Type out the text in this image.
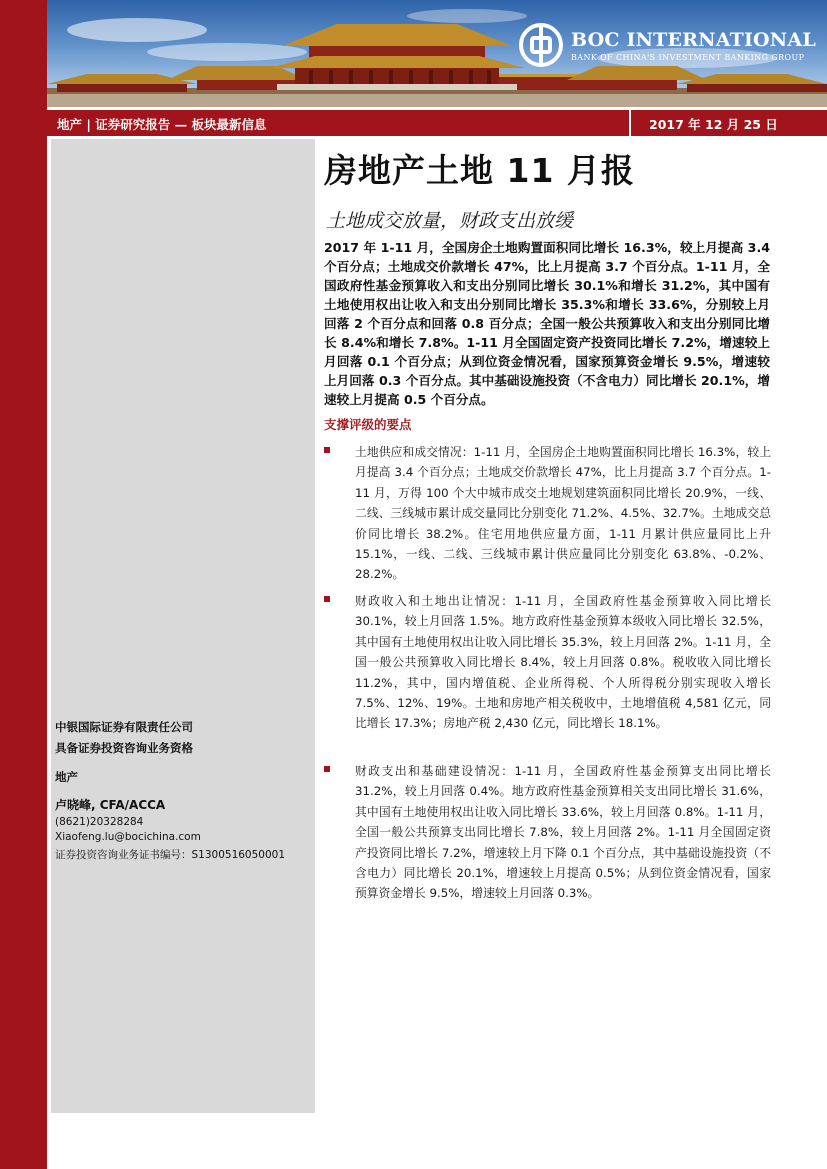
BOC INTERNATIONAL
BANK OF CHINA'S INVESTMENT BANKING GROUP
地产 | 证券研究报告 — 板块最新信息	2017 年 12 月 25 日
中银国际证券有限责任公司
具备证券投资咨询业务资格
地产
卢晓峰, CFA/ACCA
(8621)20328284
Xiaofeng.lu@bocichina.com
证券投资咨询业务证书编号：S1300516050001
房地产土地 11 月报
土地成交放量，财政支出放缓
2017 年 1-11 月，全国房企土地购置面积同比增长 16.3%，较上月提高 3.4 个百分点；土地成交价款增长 47%，比上月提高 3.7 个百分点。1-11 月，全国政府性基金预算收入和支出分别同比增长 30.1%和增长 31.2%，其中国有土地使用权出让收入和支出分别同比增长 35.3%和增长 33.6%，分别较上月回落 2 个百分点和回落 0.8 百分点；全国一般公共预算收入和支出分别同比增长 8.4%和增长 7.8%。1-11 月全国固定资产投资同比增长 7.2%，增速较上月回落 0.1 个百分点；从到位资金情况看，国家预算资金增长 9.5%，增速较上月回落 0.3 个百分点。其中基础设施投资（不含电力）同比增长 20.1%，增速较上月提高 0.5 个百分点。
支撑评级的要点
土地供应和成交情况：1-11 月，全国房企土地购置面积同比增长 16.3%，较上月提高 3.4 个百分点；土地成交价款增长 47%，比上月提高 3.7 个百分点。1-11 月，万得 100 个大中城市成交土地规划建筑面积同比增长 20.9%，一线、二线、三线城市累计成交量同比分别变化 71.2%、4.5%、32.7%。土地成交总价同比增长 38.2%。住宅用地供应量方面，1-11 月累计供应量同比上升 15.1%，一线、二线、三线城市累计供应量同比分别变化 63.8%、-0.2%、28.2%。
财政收入和土地出让情况：1-11 月，全国政府性基金预算收入同比增长 30.1%，较上月回落 1.5%。地方政府性基金预算本级收入同比增长 32.5%，其中国有土地使用权出让收入同比增长 35.3%，较上月回落 2%。1-11 月，全国一般公共预算收入同比增长 8.4%，较上月回落 0.8%。税收收入同比增长 11.2%，其中，国内增值税、企业所得税、个人所得税分别实现收入增长 7.5%、12%、19%。土地和房地产相关税收中，土地增值税 4,581 亿元，同比增长 17.3%；房地产税 2,430 亿元，同比增长 18.1%。
财政支出和基础建设情况：1-11 月，全国政府性基金预算支出同比增长 31.2%，较上月回落 0.4%。地方政府性基金预算相关支出同比增长 31.6%，其中国有土地使用权出让收入同比增长 33.6%，较上月回落 0.8%。1-11 月，全国一般公共预算支出同比增长 7.8%，较上月回落 2%。1-11 月全国固定资产投资同比增长 7.2%，增速较上月下降 0.1 个百分点，其中基础设施投资（不含电力）同比增长 20.1%，增速较上月提高 0.5%；从到位资金情况看，国家预算资金增长 9.5%，增速较上月回落 0.3%。
